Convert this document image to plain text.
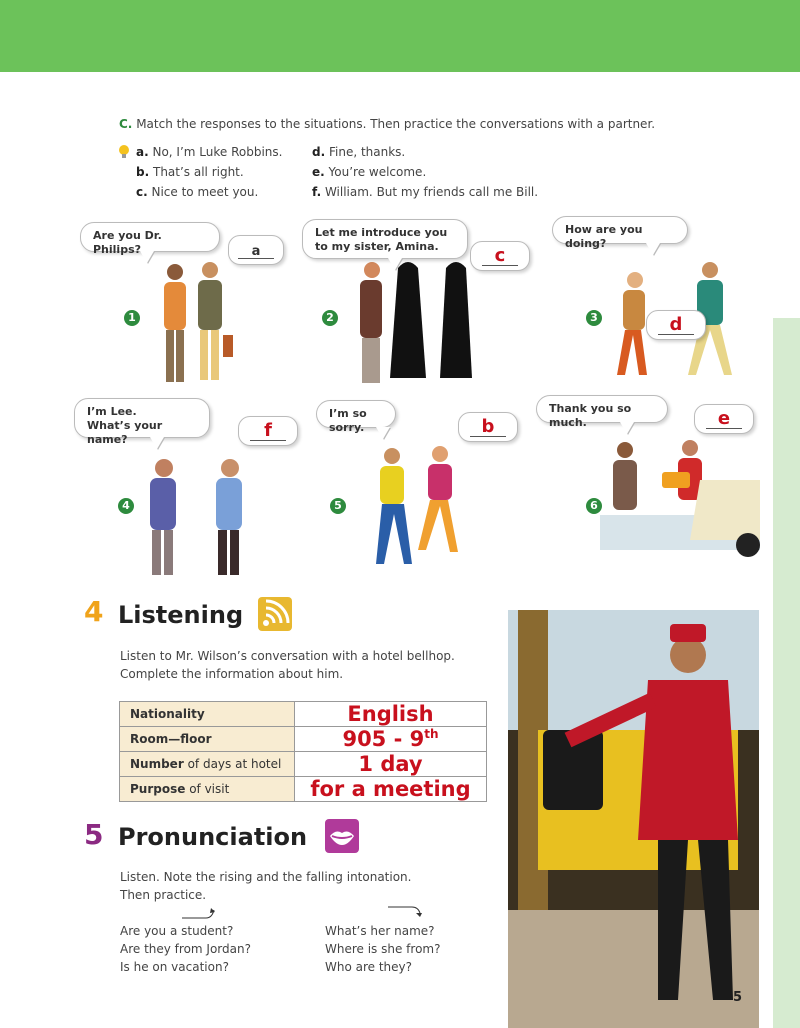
C. Match the responses to the situations. Then practice the conversations with a partner.
a. No, I’m Luke Robbins.
b. That’s all right.
c. Nice to meet you.
d. Fine, thanks.
e. You’re welcome.
f. William. But my friends call me Bill.
Are you Dr. Philips?	a
Let me introduce you
to my sister, Amina.	c
How are you doing?
d
1	2	3
I’m Lee.
What’s your name?	f
I’m so sorry.	b
Thank you so much.	e
4	5	6
4 Listening
Listen to Mr. Wilson’s conversation with a hotel bellhop.
Complete the information about him.
Nationality	English
Room—floor	905 - 9th
Number of days at hotel	1 day
Purpose of visit	for a meeting
5 Pronunciation
Listen. Note the rising and the falling intonation.
Then practice.
Are you a student?
Are they from Jordan?
Is he on vacation?
What’s her name?
Where is she from?
Who are they?
5
